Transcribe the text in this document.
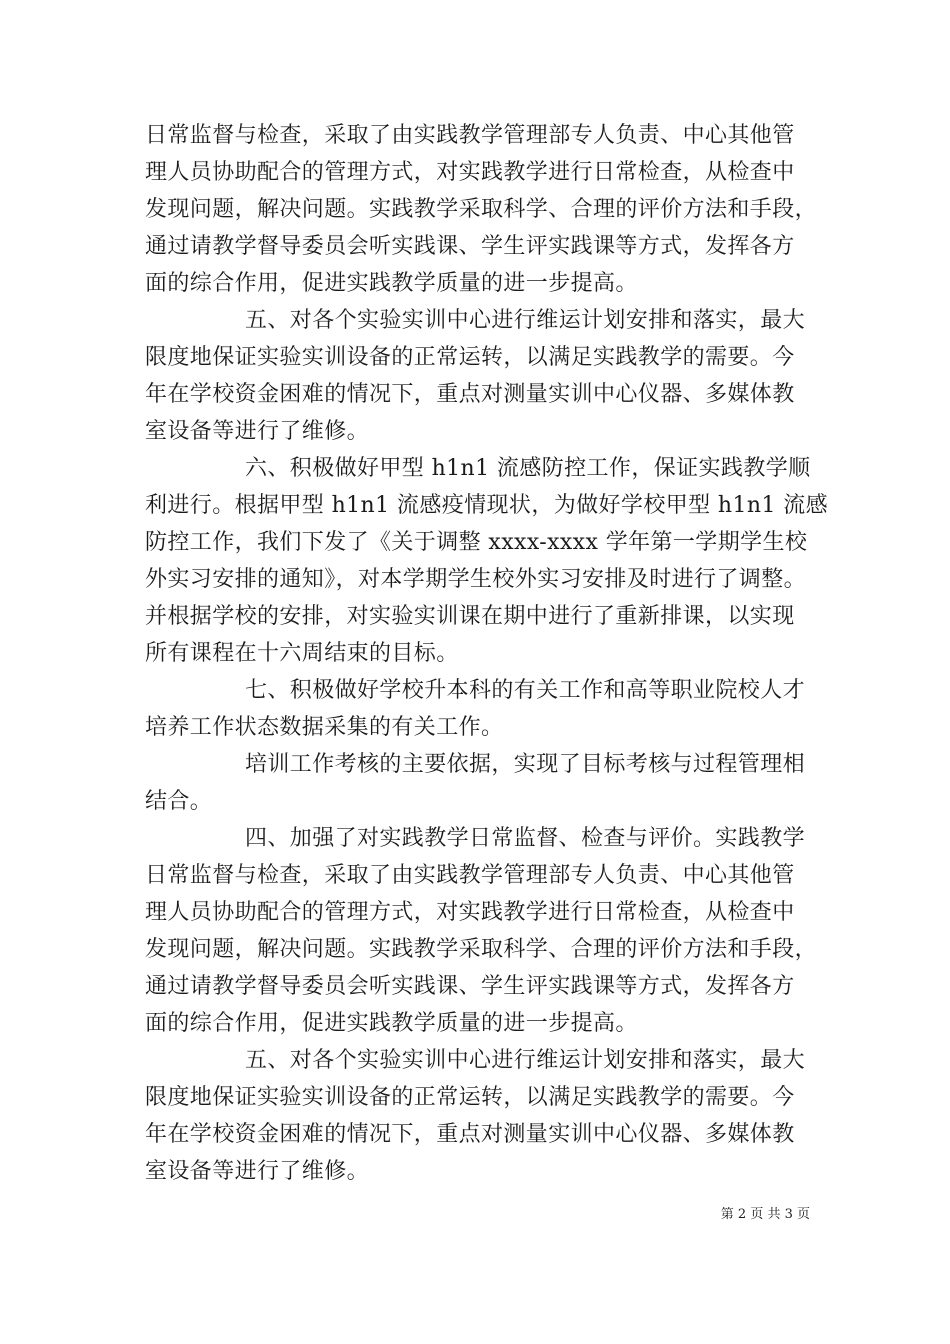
日常监督与检查，采取了由实践教学管理部专人负责、中心其他管
理人员协助配合的管理方式，对实践教学进行日常检查，从检查中
发现问题，解决问题。实践教学采取科学、合理的评价方法和手段，
通过请教学督导委员会听实践课、学生评实践课等方式，发挥各方
面的综合作用，促进实践教学质量的进一步提高。
五、对各个实验实训中心进行维运计划安排和落实，最大
限度地保证实验实训设备的正常运转，以满足实践教学的需要。今
年在学校资金困难的情况下，重点对测量实训中心仪器、多媒体教
室设备等进行了维修。
六、积极做好甲型 h1n1 流感防控工作，保证实践教学顺
利进行。根据甲型 h1n1 流感疫情现状，为做好学校甲型 h1n1 流感
防控工作，我们下发了《关于调整 xxxx-xxxx 学年第一学期学生校
外实习安排的通知》，对本学期学生校外实习安排及时进行了调整。
并根据学校的安排，对实验实训课在期中进行了重新排课，以实现
所有课程在十六周结束的目标。
七、积极做好学校升本科的有关工作和高等职业院校人才
培养工作状态数据采集的有关工作。
培训工作考核的主要依据，实现了目标考核与过程管理相
结合。
四、加强了对实践教学日常监督、检查与评价。实践教学
日常监督与检查，采取了由实践教学管理部专人负责、中心其他管
理人员协助配合的管理方式，对实践教学进行日常检查，从检查中
发现问题，解决问题。实践教学采取科学、合理的评价方法和手段，
通过请教学督导委员会听实践课、学生评实践课等方式，发挥各方
面的综合作用，促进实践教学质量的进一步提高。
五、对各个实验实训中心进行维运计划安排和落实，最大
限度地保证实验实训设备的正常运转，以满足实践教学的需要。今
年在学校资金困难的情况下，重点对测量实训中心仪器、多媒体教
室设备等进行了维修。
第 2 页 共 3 页
